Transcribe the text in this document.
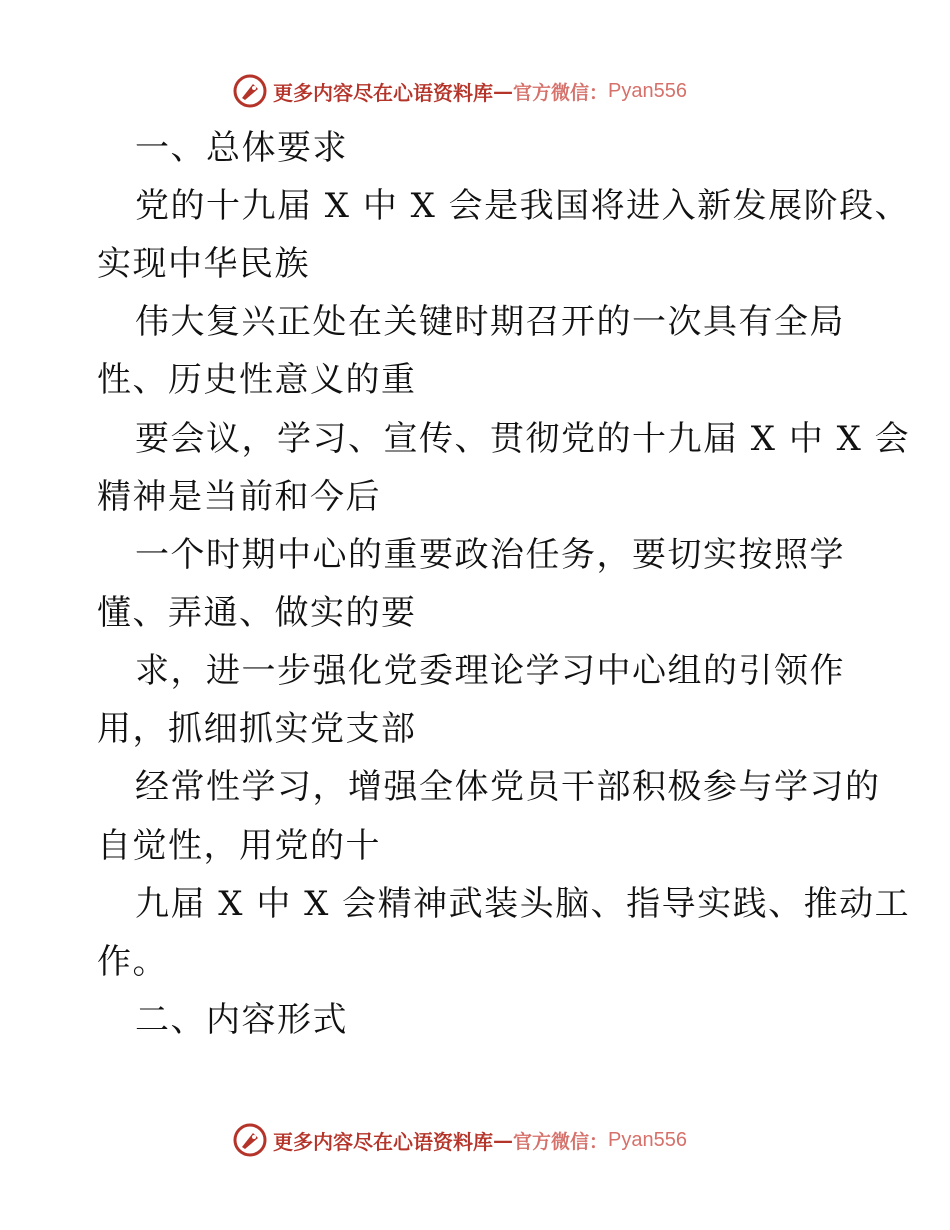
更多内容尽在心语资料库 — 官方微信： Pyan556
一、总体要求
党的十九届 X 中 X 会是我国将进入新发展阶段、
实现中华民族
伟大复兴正处在关键时期召开的一次具有全局
性、历史性意义的重
要会议，学习、宣传、贯彻党的十九届 X 中 X 会
精神是当前和今后
一个时期中心的重要政治任务，要切实按照学
懂、弄通、做实的要
求，进一步强化党委理论学习中心组的引领作
用，抓细抓实党支部
经常性学习，增强全体党员干部积极参与学习的
自觉性，用党的十
九届 X 中 X 会精神武装头脑、指导实践、推动工
作。
二、内容形式
更多内容尽在心语资料库 — 官方微信： Pyan556
